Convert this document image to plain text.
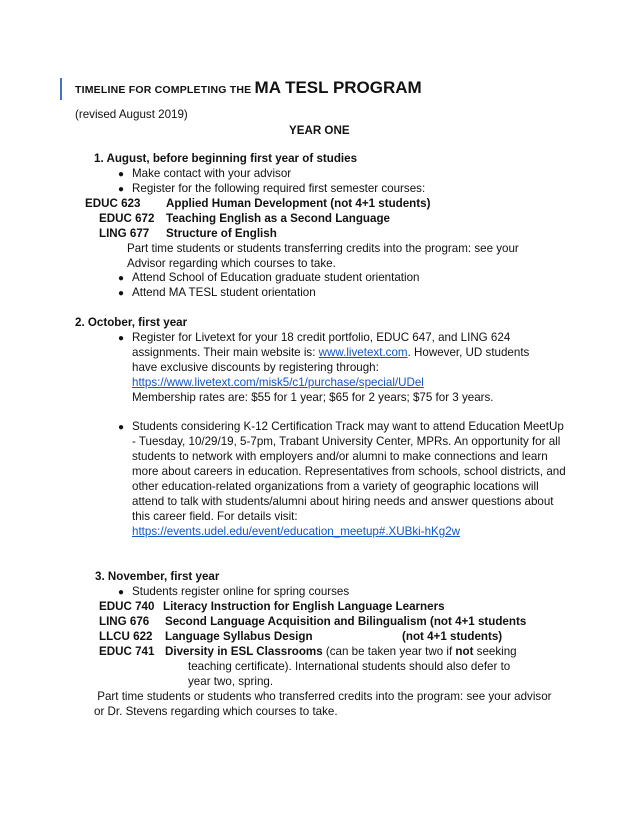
TIMELINE FOR COMPLETING THE MA TESL PROGRAM
(revised August 2019)
YEAR ONE
1. August, before beginning first year of studies
● Make contact with your advisor
● Register for the following required first semester courses:
EDUC 623 Applied Human Development (not 4+1 students)
EDUC 672 Teaching English as a Second Language
LING 677 Structure of English
Part time students or students transferring credits into the program: see your
Advisor regarding which courses to take.
● Attend School of Education graduate student orientation
● Attend MA TESL student orientation
2. October, first year
● Register for Livetext for your 18 credit portfolio, EDUC 647, and LING 624
assignments. Their main website is: www.livetext.com. However, UD students
have exclusive discounts by registering through:
https://www.livetext.com/misk5/c1/purchase/special/UDel
Membership rates are: $55 for 1 year; $65 for 2 years; $75 for 3 years.
● Students considering K-12 Certification Track may want to attend Education MeetUp
- Tuesday, 10/29/19, 5-7pm, Trabant University Center, MPRs. An opportunity for all
students to network with employers and/or alumni to make connections and learn
more about careers in education. Representatives from schools, school districts, and
other education-related organizations from a variety of geographic locations will
attend to talk with students/alumni about hiring needs and answer questions about
this career field. For details visit:
https://events.udel.edu/event/education_meetup#.XUBki-hKg2w
3. November, first year
● Students register online for spring courses
EDUC 740 Literacy Instruction for English Language Learners
LING 676 Second Language Acquisition and Bilingualism (not 4+1 students
LLCU 622 Language Syllabus Design	(not 4+1 students)
EDUC 741 Diversity in ESL Classrooms (can be taken year two if not seeking
teaching certificate). International students should also defer to
year two, spring.
Part time students or students who transferred credits into the program: see your advisor
or Dr. Stevens regarding which courses to take.
